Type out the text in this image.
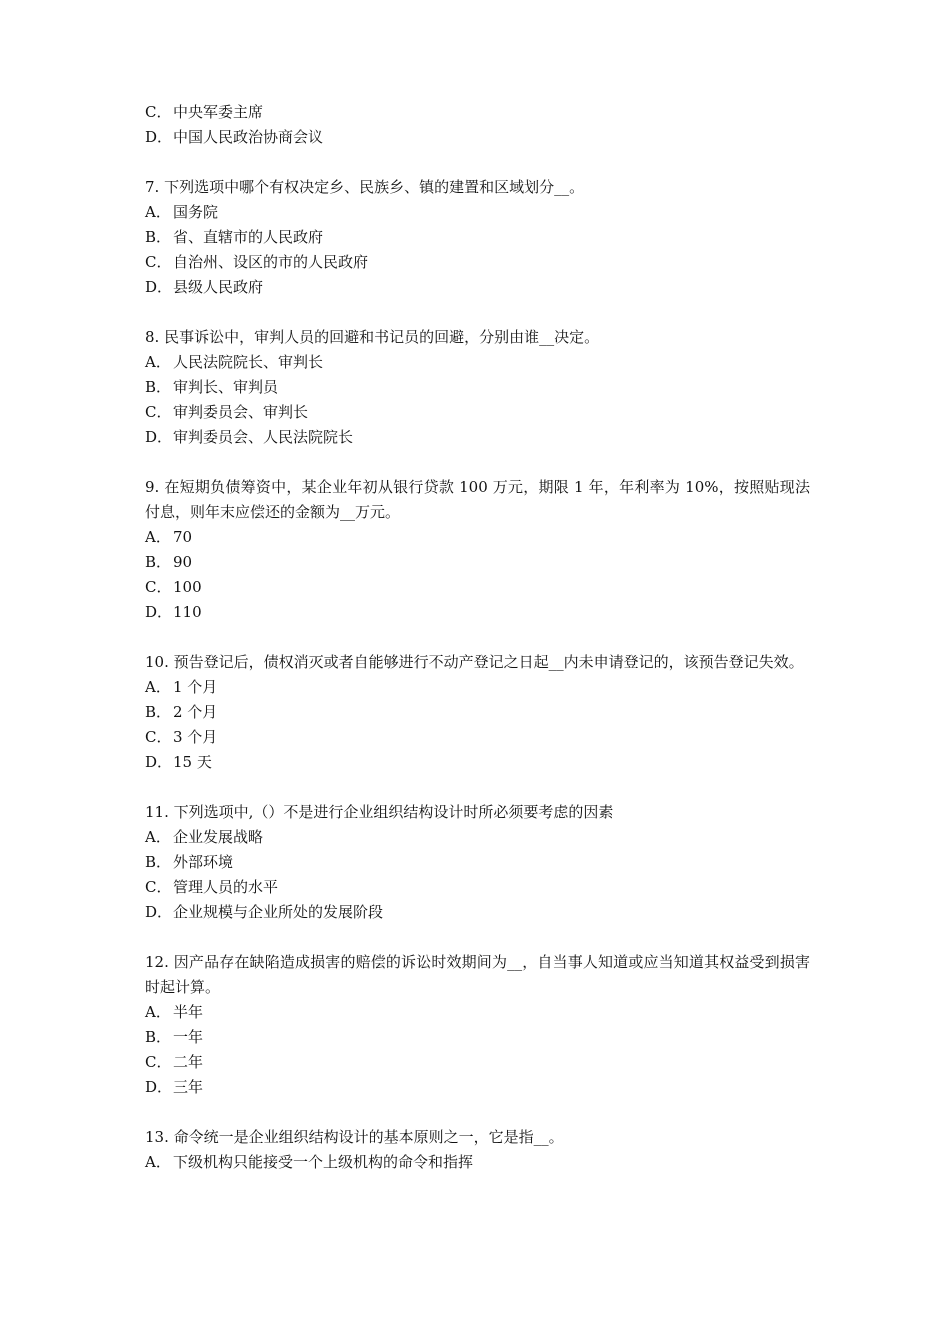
C． 中央军委主席
D．中国人民政治协商会议
7. 下列选项中哪个有权决定乡、民族乡、镇的建置和区域划分__。
A． 国务院
B． 省、直辖市的人民政府
C． 自治州、设区的市的人民政府
D．县级人民政府
8. 民事诉讼中，审判人员的回避和书记员的回避，分别由谁__决定。
A． 人民法院院长、审判长
B． 审判长、审判员
C． 审判委员会、审判长
D．审判委员会、人民法院院长
9. 在短期负债筹资中，某企业年初从银行贷款 100 万元，期限 1 年，年利率为 10%，按照贴现法付息，则年末应偿还的金额为__万元。
A． 70
B． 90
C． 100
D．110
10. 预告登记后，债权消灭或者自能够进行不动产登记之日起__内未申请登记的，该预告登记失效。
A． 1 个月
B． 2 个月
C． 3 个月
D．15 天
11. 下列选项中,（）不是进行企业组织结构设计时所必须要考虑的因素
A． 企业发展战略
B． 外部环境
C． 管理人员的水平
D．企业规模与企业所处的发展阶段
12. 因产品存在缺陷造成损害的赔偿的诉讼时效期间为__，自当事人知道或应当知道其权益受到损害时起计算。
A． 半年
B． 一年
C． 二年
D．三年
13. 命令统一是企业组织结构设计的基本原则之一，它是指__。
A． 下级机构只能接受一个上级机构的命令和指挥
